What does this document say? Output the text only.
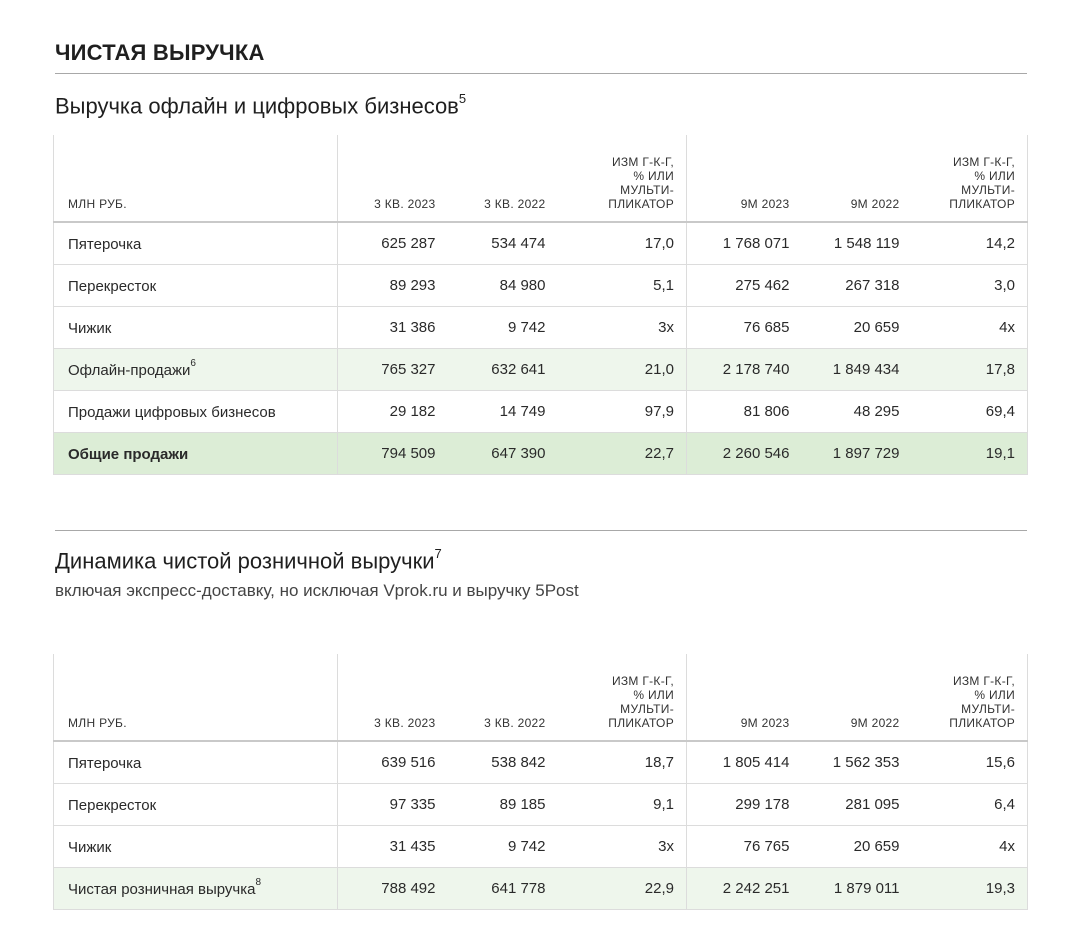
ЧИСТАЯ ВЫРУЧКА
Выручка офлайн и цифровых бизнесов$^5$
МЛН РУБ.	3 КВ. 2023	3 КВ. 2022	ИЗМ Г-К-Г,
% ИЛИ
МУЛЬТИ-
ПЛИКАТОР	9М 2023	9М 2022	ИЗМ Г-К-Г,
% ИЛИ
МУЛЬТИ-
ПЛИКАТОР
Пятерочка	625 287	534 474	17,0	1 768 071	1 548 119	14,2
Перекресток	89 293	84 980	5,1	275 462	267 318	3,0
Чижик	31 386	9 742	3x	76 685	20 659	4x
Офлайн-продажи$^6$	765 327	632 641	21,0	2 178 740	1 849 434	17,8
Продажи цифровых бизнесов	29 182	14 749	97,9	81 806	48 295	69,4
Общие продажи	794 509	647 390	22,7	2 260 546	1 897 729	19,1
Динамика чистой розничной выручки$^7$
включая экспресс-доставку, но исключая Vprok.ru и выручку 5Post
МЛН РУБ.	3 КВ. 2023	3 КВ. 2022	ИЗМ Г-К-Г,
% ИЛИ
МУЛЬТИ-
ПЛИКАТОР	9М 2023	9М 2022	ИЗМ Г-К-Г,
% ИЛИ
МУЛЬТИ-
ПЛИКАТОР
Пятерочка	639 516	538 842	18,7	1 805 414	1 562 353	15,6
Перекресток	97 335	89 185	9,1	299 178	281 095	6,4
Чижик	31 435	9 742	3x	76 765	20 659	4x
Чистая розничная выручка$^8$	788 492	641 778	22,9	2 242 251	1 879 011	19,3
